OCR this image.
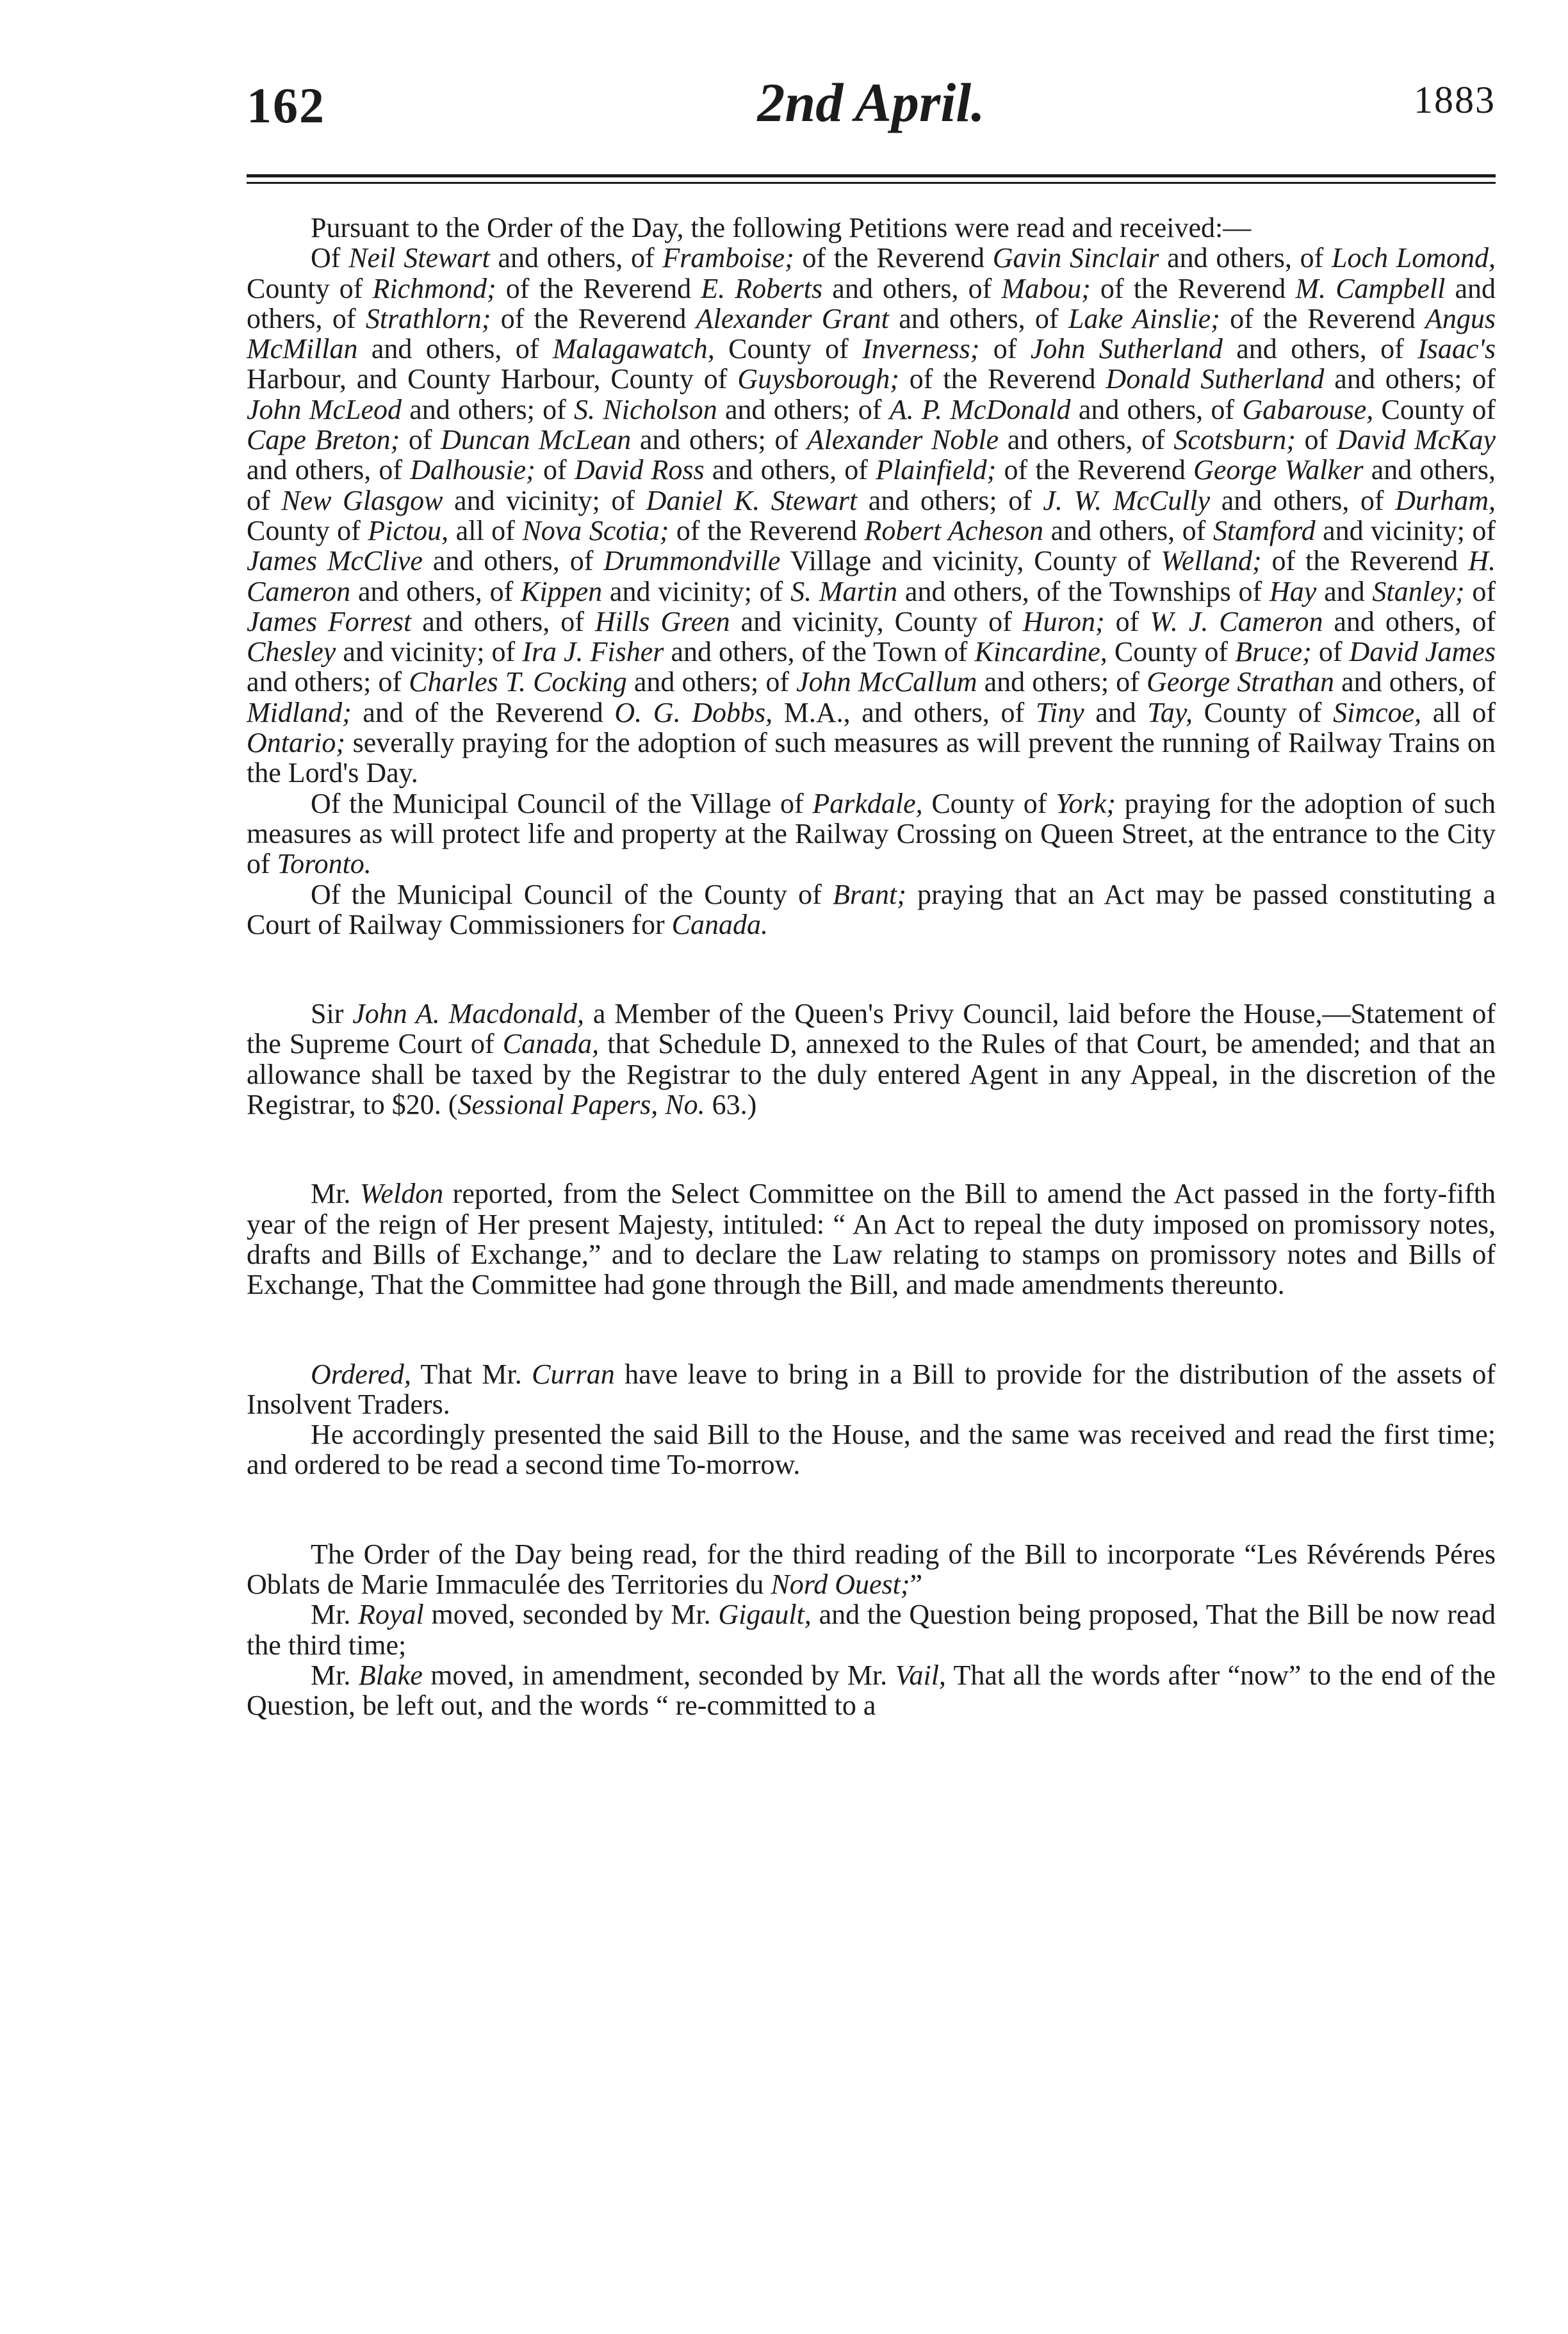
162	2nd April.	1883

Pursuant to the Order of the Day, the following Petitions were read and received:—

Of Neil Stewart and others, of Framboise; of the Reverend Gavin Sinclair and others, of Loch Lomond, County of Richmond; of the Reverend E. Roberts and others, of Mabou; of the Reverend M. Campbell and others, of Strathlorn; of the Reverend Alexander Grant and others, of Lake Ainslie; of the Reverend Angus McMillan and others, of Malagawatch, County of Inverness; of John Sutherland and others, of Isaac's Harbour, and County Harbour, County of Guysborough; of the Reverend Donald Sutherland and others; of John McLeod and others; of S. Nicholson and others; of A. P. McDonald and others, of Gabarouse, County of Cape Breton; of Duncan McLean and others; of Alexander Noble and others, of Scotsburn; of David McKay and others, of Dalhousie; of David Ross and others, of Plainfield; of the Reverend George Walker and others, of New Glasgow and vicinity; of Daniel K. Stewart and others; of J. W. McCully and others, of Durham, County of Pictou, all of Nova Scotia; of the Reverend Robert Acheson and others, of Stamford and vicinity; of James McClive and others, of Drummondville Village and vicinity, County of Welland; of the Reverend H. Cameron and others, of Kippen and vicinity; of S. Martin and others, of the Townships of Hay and Stanley; of James Forrest and others, of Hills Green and vicinity, County of Huron; of W. J. Cameron and others, of Chesley and vicinity; of Ira J. Fisher and others, of the Town of Kincardine, County of Bruce; of David James and others; of Charles T. Cocking and others; of John McCallum and others; of George Strathan and others, of Midland; and of the Reverend O. G. Dobbs, M.A., and others, of Tiny and Tay, County of Simcoe, all of Ontario; severally praying for the adoption of such measures as will prevent the running of Railway Trains on the Lord's Day.

Of the Municipal Council of the Village of Parkdale, County of York; praying for the adoption of such measures as will protect life and property at the Railway Crossing on Queen Street, at the entrance to the City of Toronto.

Of the Municipal Council of the County of Brant; praying that an Act may be passed constituting a Court of Railway Commissioners for Canada.

Sir John A. Macdonald, a Member of the Queen's Privy Council, laid before the House,—Statement of the Supreme Court of Canada, that Schedule D, annexed to the Rules of that Court, be amended; and that an allowance shall be taxed by the Registrar to the duly entered Agent in any Appeal, in the discretion of the Registrar, to $20. (Sessional Papers, No. 63.)

Mr. Weldon reported, from the Select Committee on the Bill to amend the Act passed in the forty-fifth year of the reign of Her present Majesty, intituled: “ An Act to repeal the duty imposed on promissory notes, drafts and Bills of Exchange,” and to declare the Law relating to stamps on promissory notes and Bills of Exchange, That the Committee had gone through the Bill, and made amendments thereunto.

Ordered, That Mr. Curran have leave to bring in a Bill to provide for the distribution of the assets of Insolvent Traders.

He accordingly presented the said Bill to the House, and the same was received and read the first time; and ordered to be read a second time To-morrow.

The Order of the Day being read, for the third reading of the Bill to incorporate “Les Révérends Péres Oblats de Marie Immaculée des Territories du Nord Ouest;”

Mr. Royal moved, seconded by Mr. Gigault, and the Question being proposed, That the Bill be now read the third time;

Mr. Blake moved, in amendment, seconded by Mr. Vail, That all the words after “now” to the end of the Question, be left out, and the words “ re-committed to a
